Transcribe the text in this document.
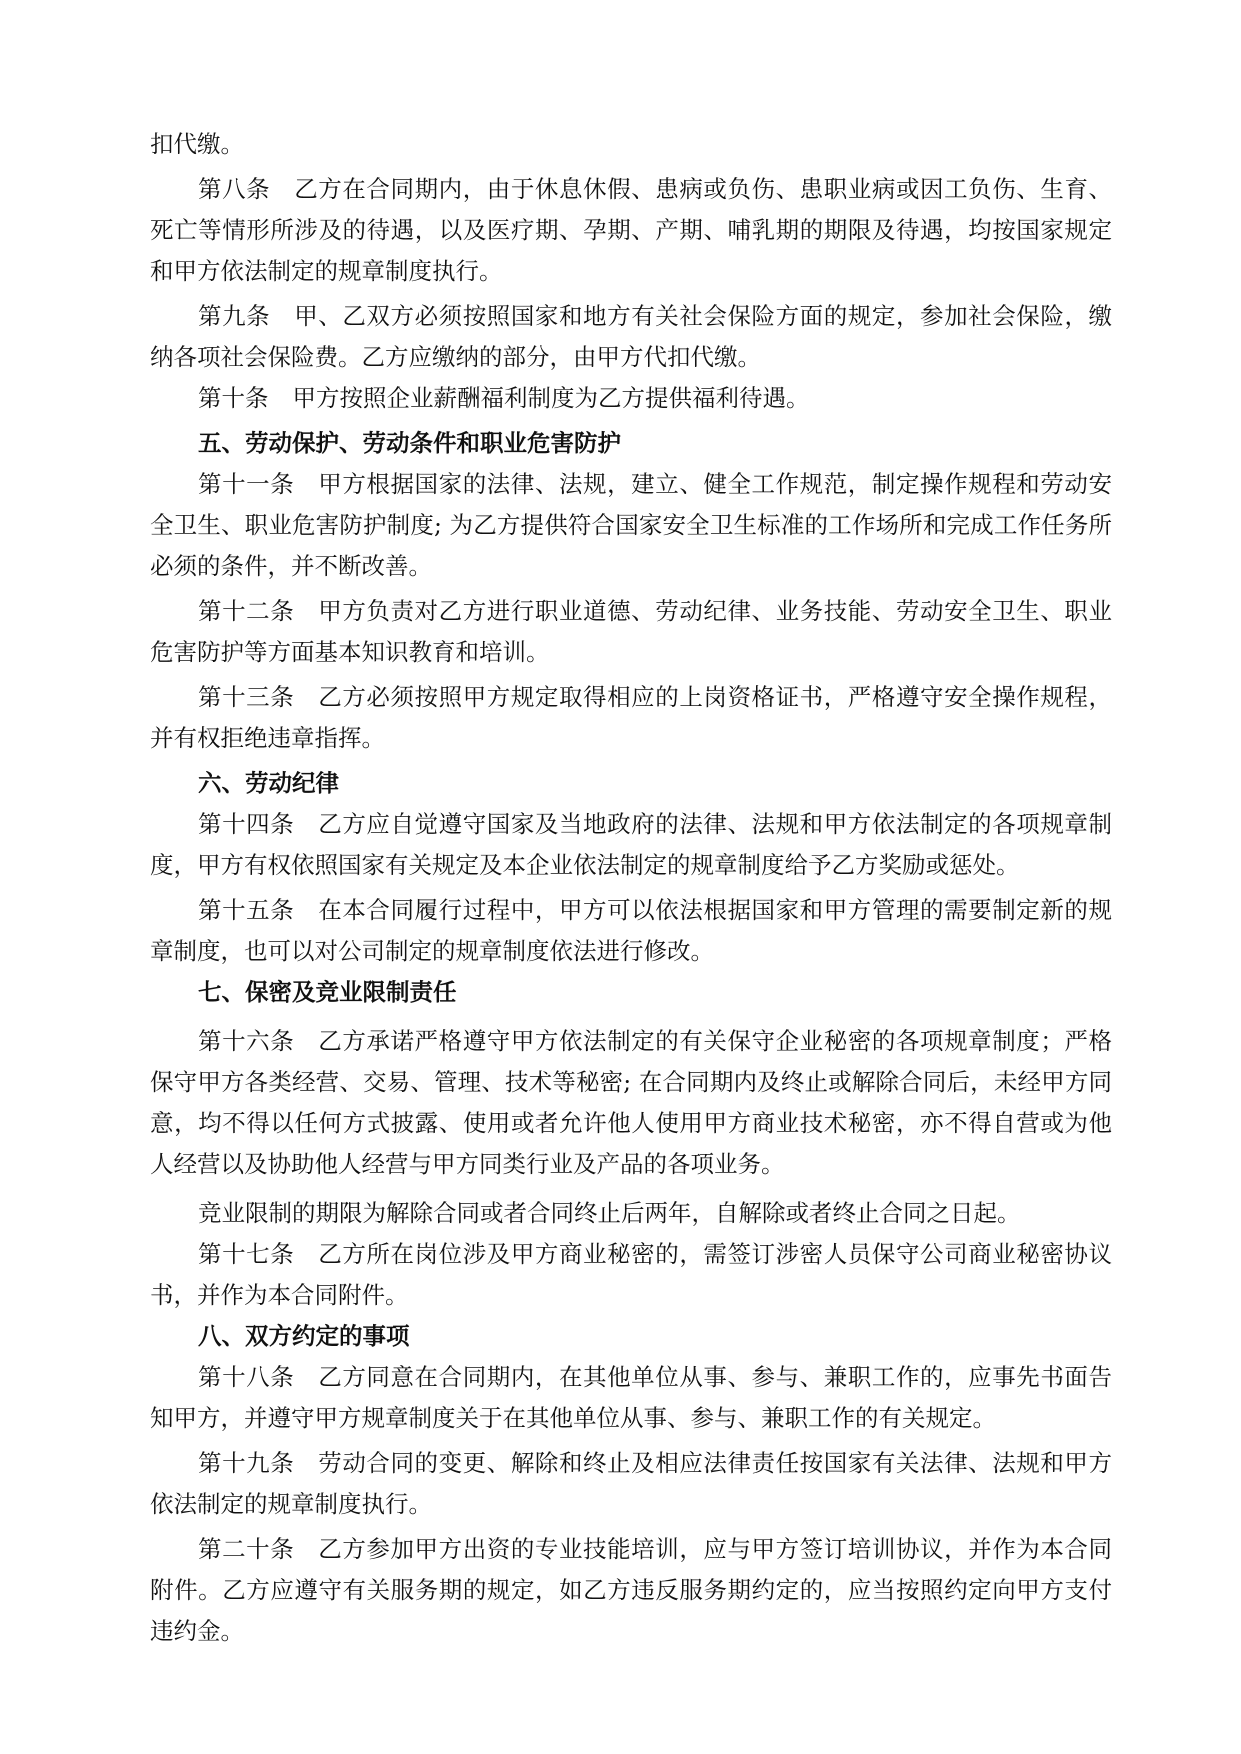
扣代缴。

第八条 乙方在合同期内，由于休息休假、患病或负伤、患职业病或因工负伤、生育、死亡等情形所涉及的待遇，以及医疗期、孕期、产期、哺乳期的期限及待遇，均按国家规定和甲方依法制定的规章制度执行。

第九条 甲、乙双方必须按照国家和地方有关社会保险方面的规定，参加社会保险，缴纳各项社会保险费。乙方应缴纳的部分，由甲方代扣代缴。

第十条 甲方按照企业薪酬福利制度为乙方提供福利待遇。

五、劳动保护、劳动条件和职业危害防护

第十一条 甲方根据国家的法律、法规，建立、健全工作规范，制定操作规程和劳动安全卫生、职业危害防护制度; 为乙方提供符合国家安全卫生标准的工作场所和完成工作任务所必须的条件，并不断改善。

第十二条 甲方负责对乙方进行职业道德、劳动纪律、业务技能、劳动安全卫生、职业危害防护等方面基本知识教育和培训。

第十三条 乙方必须按照甲方规定取得相应的上岗资格证书，严格遵守安全操作规程，并有权拒绝违章指挥。

六、劳动纪律

第十四条 乙方应自觉遵守国家及当地政府的法律、法规和甲方依法制定的各项规章制度，甲方有权依照国家有关规定及本企业依法制定的规章制度给予乙方奖励或惩处。

第十五条 在本合同履行过程中，甲方可以依法根据国家和甲方管理的需要制定新的规章制度，也可以对公司制定的规章制度依法进行修改。

七、保密及竞业限制责任

第十六条 乙方承诺严格遵守甲方依法制定的有关保守企业秘密的各项规章制度；严格保守甲方各类经营、交易、管理、技术等秘密; 在合同期内及终止或解除合同后，未经甲方同意，均不得以任何方式披露、使用或者允许他人使用甲方商业技术秘密，亦不得自营或为他人经营以及协助他人经营与甲方同类行业及产品的各项业务。

竞业限制的期限为解除合同或者合同终止后两年，自解除或者终止合同之日起。

第十七条 乙方所在岗位涉及甲方商业秘密的，需签订涉密人员保守公司商业秘密协议书，并作为本合同附件。

八、双方约定的事项

第十八条 乙方同意在合同期内，在其他单位从事、参与、兼职工作的，应事先书面告知甲方，并遵守甲方规章制度关于在其他单位从事、参与、兼职工作的有关规定。

第十九条 劳动合同的变更、解除和终止及相应法律责任按国家有关法律、法规和甲方依法制定的规章制度执行。

第二十条 乙方参加甲方出资的专业技能培训，应与甲方签订培训协议，并作为本合同附件。乙方应遵守有关服务期的规定，如乙方违反服务期约定的，应当按照约定向甲方支付违约金。
